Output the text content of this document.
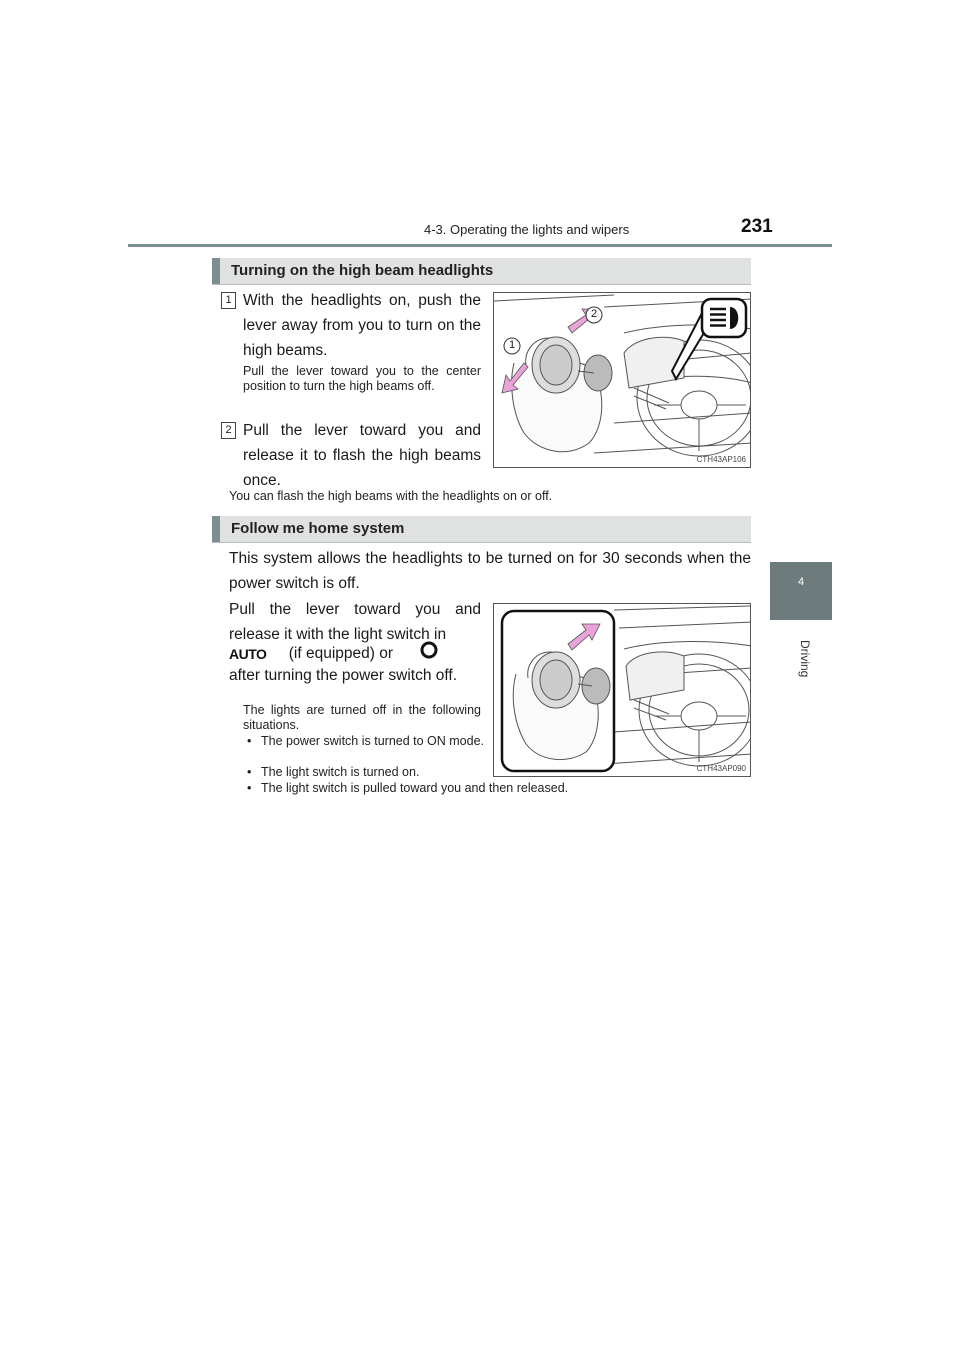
4-3. Operating the lights and wipers	231
4
Driving
Turning on the high beam headlights
1 With the headlights on, push the lever away from you to turn on the high beams.
Pull the lever toward you to the center position to turn the high beams off.
2 Pull the lever toward you and release it to flash the high beams once.
You can flash the high beams with the headlights on or off.
2
1
CTH43AP106
Follow me home system
This system allows the headlights to be turned on for 30 seconds when the power switch is off.
Pull the lever toward you and release it with the light switch in
AUTO (if equipped) or
after turning the power switch off.
The lights are turned off in the following situations.
• The power switch is turned to ON mode.
• The light switch is turned on.
• The light switch is pulled toward you and then released.
CTH43AP090
